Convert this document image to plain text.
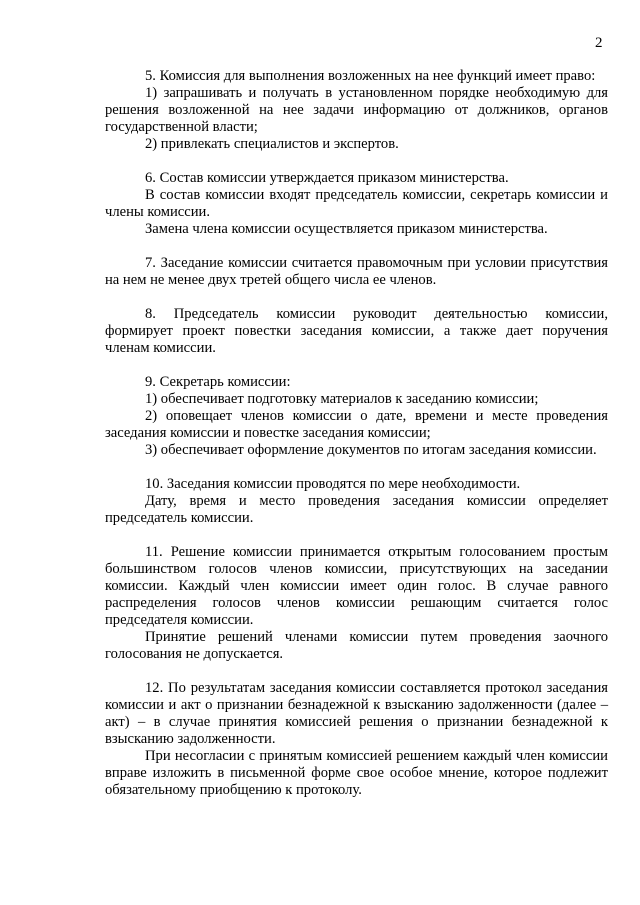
2
5. Комиссия для выполнения возложенных на нее функций имеет право:
1) запрашивать и получать в установленном порядке необходимую для решения возложенной на нее задачи информацию от должников, органов государственной власти;
2) привлекать специалистов и экспертов.
6. Состав комиссии утверждается приказом министерства.
В состав комиссии входят председатель комиссии, секретарь комиссии и члены комиссии.
Замена члена комиссии осуществляется приказом министерства.
7. Заседание комиссии считается правомочным при условии присутствия на нем не менее двух третей общего числа ее членов.
8. Председатель комиссии руководит деятельностью комиссии, формирует проект повестки заседания комиссии, а также дает поручения членам комиссии.
9. Секретарь комиссии:
1) обеспечивает подготовку материалов к заседанию комиссии;
2) оповещает членов комиссии о дате, времени и месте проведения заседания комиссии и повестке заседания комиссии;
3) обеспечивает оформление документов по итогам заседания комиссии.
10. Заседания комиссии проводятся по мере необходимости.
Дату, время и место проведения заседания комиссии определяет председатель комиссии.
11. Решение комиссии принимается открытым голосованием простым большинством голосов членов комиссии, присутствующих на заседании комиссии. Каждый член комиссии имеет один голос. В случае равного распределения голосов членов комиссии решающим считается голос председателя комиссии.
Принятие решений членами комиссии путем проведения заочного голосования не допускается.
12. По результатам заседания комиссии составляется протокол заседания комиссии и акт о признании безнадежной к взысканию задолженности (далее – акт) – в случае принятия комиссией решения о признании безнадежной к взысканию задолженности.
При несогласии с принятым комиссией решением каждый член комиссии вправе изложить в письменной форме свое особое мнение, которое подлежит обязательному приобщению к протоколу.
